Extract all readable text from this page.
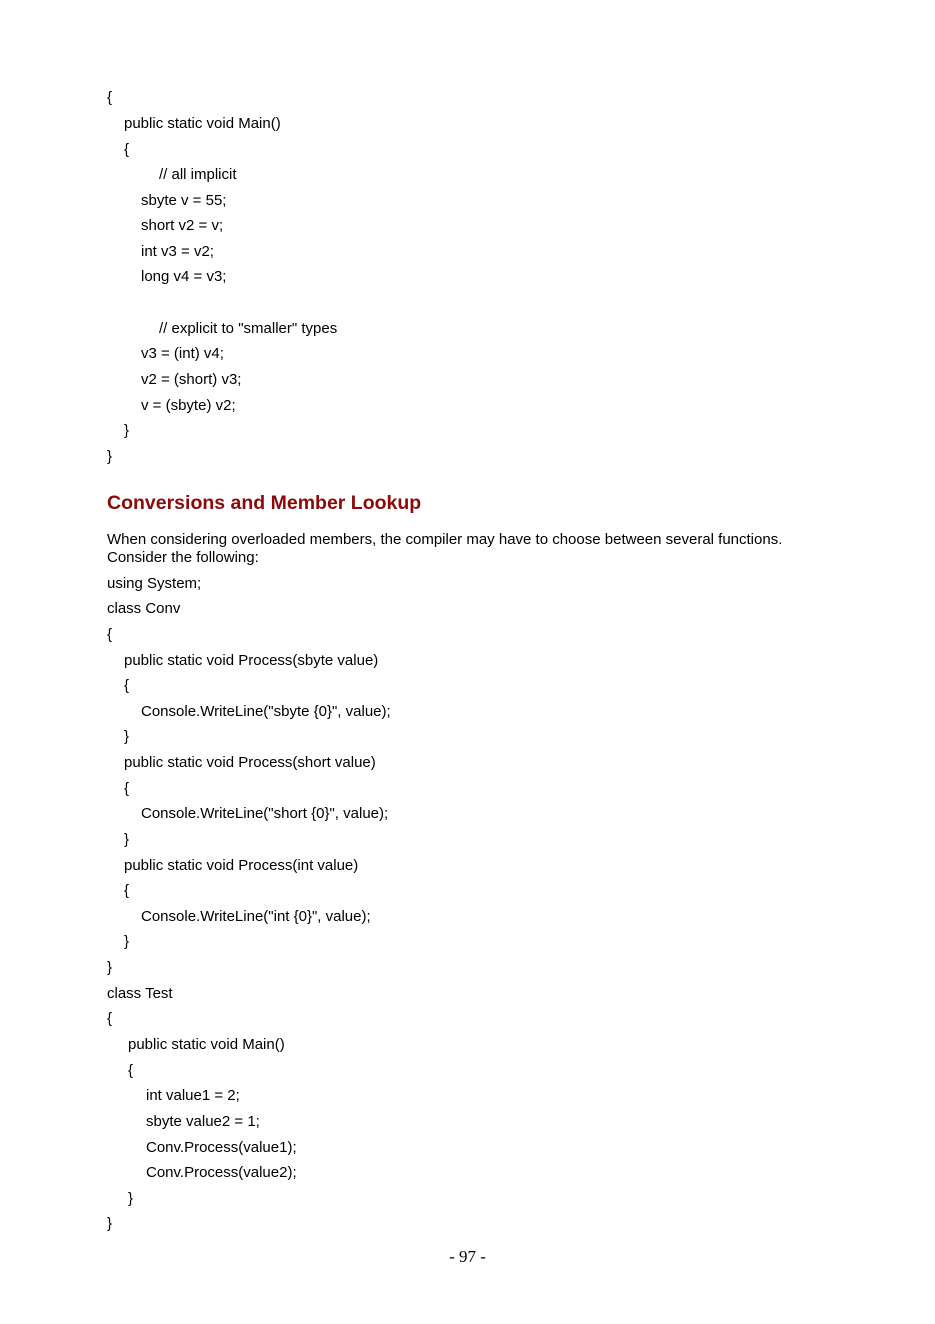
{
public static void Main()
{
// all implicit
sbyte v = 55;
short v2 = v;
int v3 = v2;
long v4 = v3;
// explicit to "smaller" types
v3 = (int) v4;
v2 = (short) v3;
v = (sbyte) v2;
}
}
Conversions and Member Lookup
When considering overloaded members, the compiler may have to choose between several functions.
Consider the following:
using System;
class Conv
{
public static void Process(sbyte value)
{
Console.WriteLine("sbyte {0}", value);
}
public static void Process(short value)
{
Console.WriteLine("short {0}", value);
}
public static void Process(int value)
{
Console.WriteLine("int {0}", value);
}
}
class Test
{
public static void Main()
{
int value1 = 2;
sbyte value2 = 1;
Conv.Process(value1);
Conv.Process(value2);
}
}
- 97 -
